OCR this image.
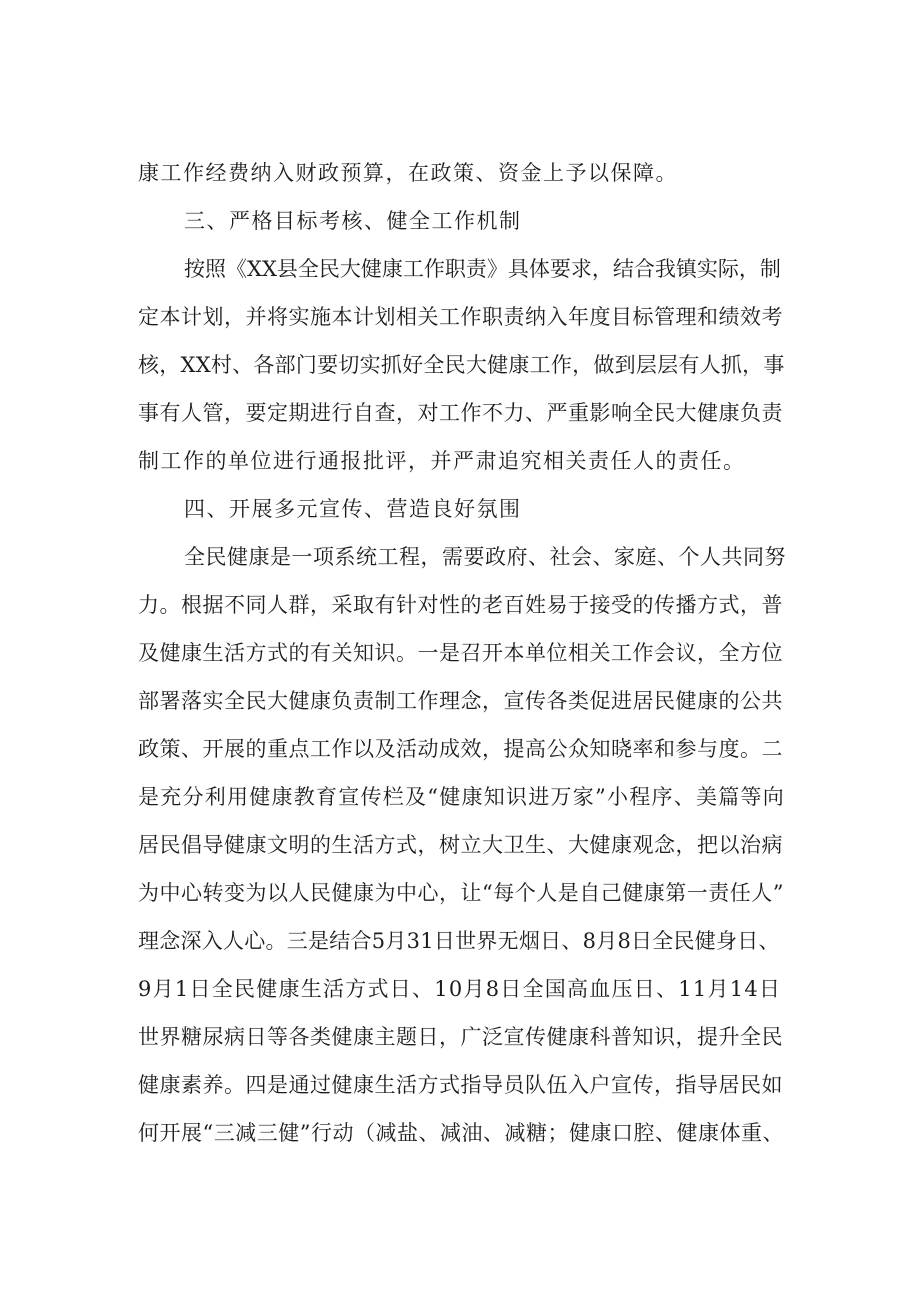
康工作经费纳入财政预算，在政策、资金上予以保障。
三、严格目标考核、健全工作机制
按照《XX县全民大健康工作职责》具体要求，结合我镇实际，制
定本计划，并将实施本计划相关工作职责纳入年度目标管理和绩效考
核，XX村、各部门要切实抓好全民大健康工作，做到层层有人抓，事
事有人管，要定期进行自查，对工作不力、严重影响全民大健康负责
制工作的单位进行通报批评，并严肃追究相关责任人的责任。
四、开展多元宣传、营造良好氛围
全民健康是一项系统工程，需要政府、社会、家庭、个人共同努
力。根据不同人群，采取有针对性的老百姓易于接受的传播方式，普
及健康生活方式的有关知识。一是召开本单位相关工作会议，全方位
部署落实全民大健康负责制工作理念，宣传各类促进居民健康的公共
政策、开展的重点工作以及活动成效，提高公众知晓率和参与度。二
是充分利用健康教育宣传栏及“健康知识进万家”小程序、美篇等向
居民倡导健康文明的生活方式，树立大卫生、大健康观念，把以治病
为中心转变为以人民健康为中心，让“每个人是自己健康第一责任人”
理念深入人心。三是结合5月31日世界无烟日、8月8日全民健身日、
9月1日全民健康生活方式日、10月8日全国高血压日、11月14日
世界糖尿病日等各类健康主题日，广泛宣传健康科普知识，提升全民
健康素养。四是通过健康生活方式指导员队伍入户宣传，指导居民如
何开展“三减三健”行动（减盐、减油、减糖；健康口腔、健康体重、
